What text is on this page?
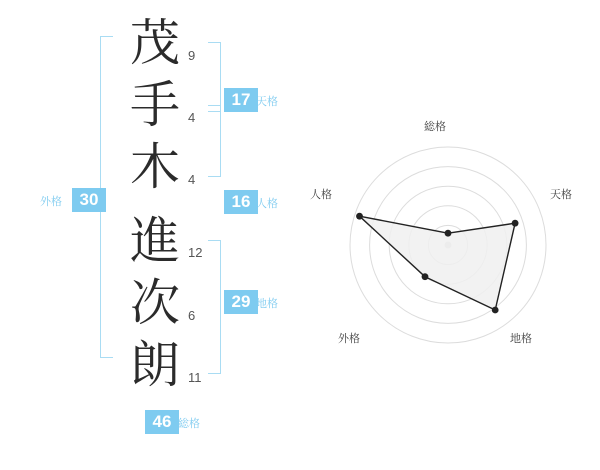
茂
手
木
進
次
朗
9
4
4
12
6
11
17 天格
16 人格
29 地格
30
外格
46 総格
総格
天格
地格
外格
人格
